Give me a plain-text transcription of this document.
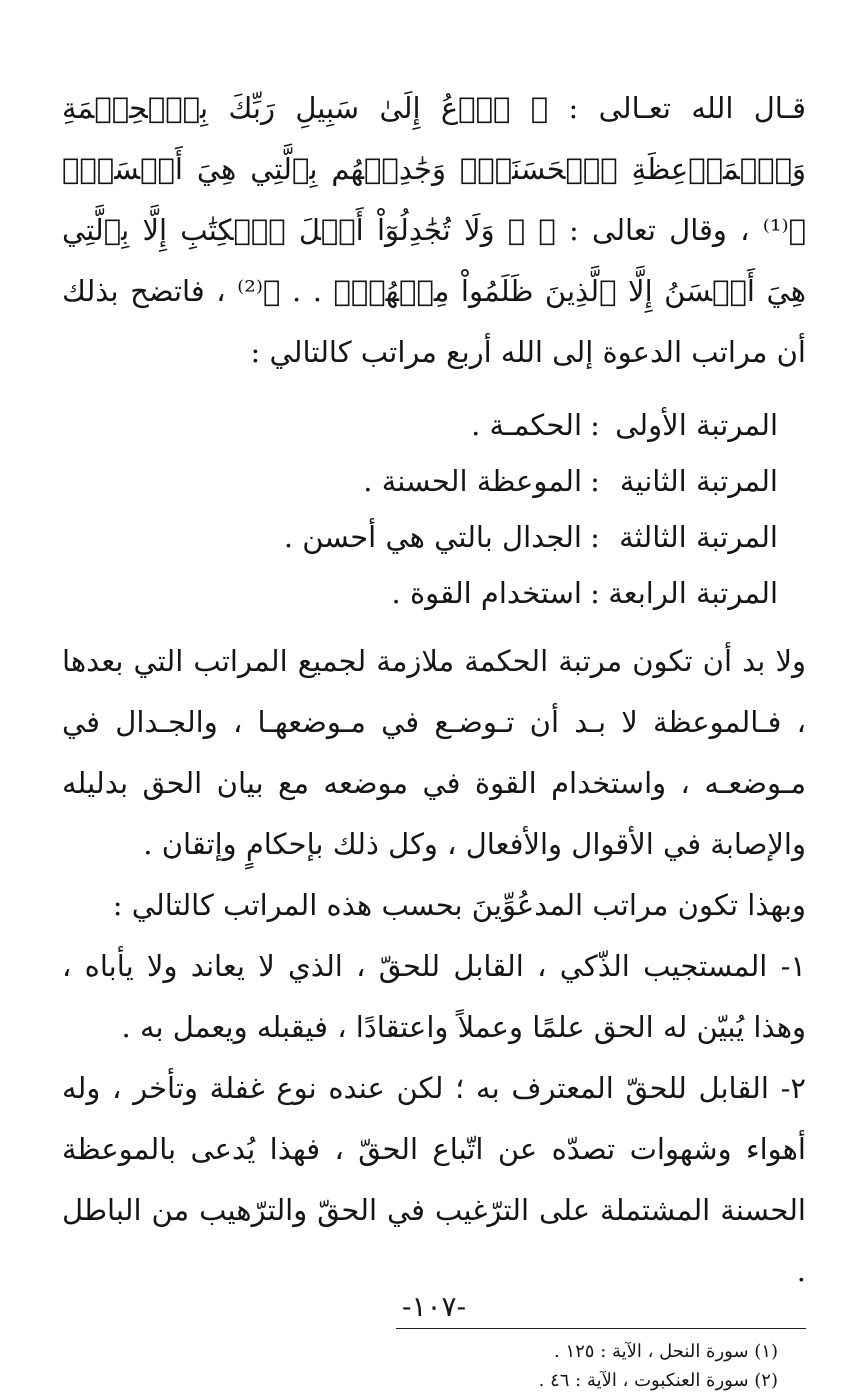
قـال الله تعـالى : ﴿ ٱدۡعُ إِلَىٰ سَبِيلِ رَبِّكَ بِٱلۡحِكۡمَةِ وَٱلۡمَوۡعِظَةِ ٱلۡحَسَنَةِۖ وَجَٰدِلۡهُم بِٱلَّتِي هِيَ أَحۡسَنُۚ ﴾⁽¹⁾ ، وقال تعالى : ﴿ ۞ وَلَا تُجَٰدِلُوٓاْ أَهۡلَ ٱلۡكِتَٰبِ إِلَّا بِٱلَّتِي هِيَ أَحۡسَنُ إِلَّا ٱلَّذِينَ ظَلَمُواْ مِنۡهُمۡۖ . . ﴾⁽²⁾ ، فاتضح بذلك أن مراتب الدعوة إلى الله أربع مراتب كالتالي :

المرتبة الأولى:الحكمـة .
المرتبة الثانية:الموعظة الحسنة .
المرتبة الثالثة:الجدال بالتي هي أحسن .
المرتبة الرابعة:استخدام القوة .

ولا بد أن تكون مرتبة الحكمة ملازمة لجميع المراتب التي بعدها ، فـالموعظة لا بـد أن تـوضـع في مـوضعهـا ، والجـدال في مـوضعـه ، واستخدام القوة في موضعه مع بيان الحق بدليله والإصابة في الأقوال والأفعال ، وكل ذلك بإحكامٍ وإتقان .

وبهذا تكون مراتب المدعُوِّينَ بحسب هذه المراتب كالتالي :

١- المستجيب الذّكي ، القابل للحقّ ، الذي لا يعاند ولا يأباه ، وهذا يُبيّن له الحق علمًا وعملاً واعتقادًا ، فيقبله ويعمل به .

٢- القابل للحقّ المعترف به ؛ لكن عنده نوع غفلة وتأخر ، وله أهواء وشهوات تصدّه عن اتّباع الحقّ ، فهذا يُدعى بالموعظة الحسنة المشتملة على الترّغيب في الحقّ والترّهيب من الباطل .

(١) سورة النحل ، الآية : ١٢٥ .
(٢) سورة العنكبوت ، الآية : ٤٦ .
-١٠٧-
